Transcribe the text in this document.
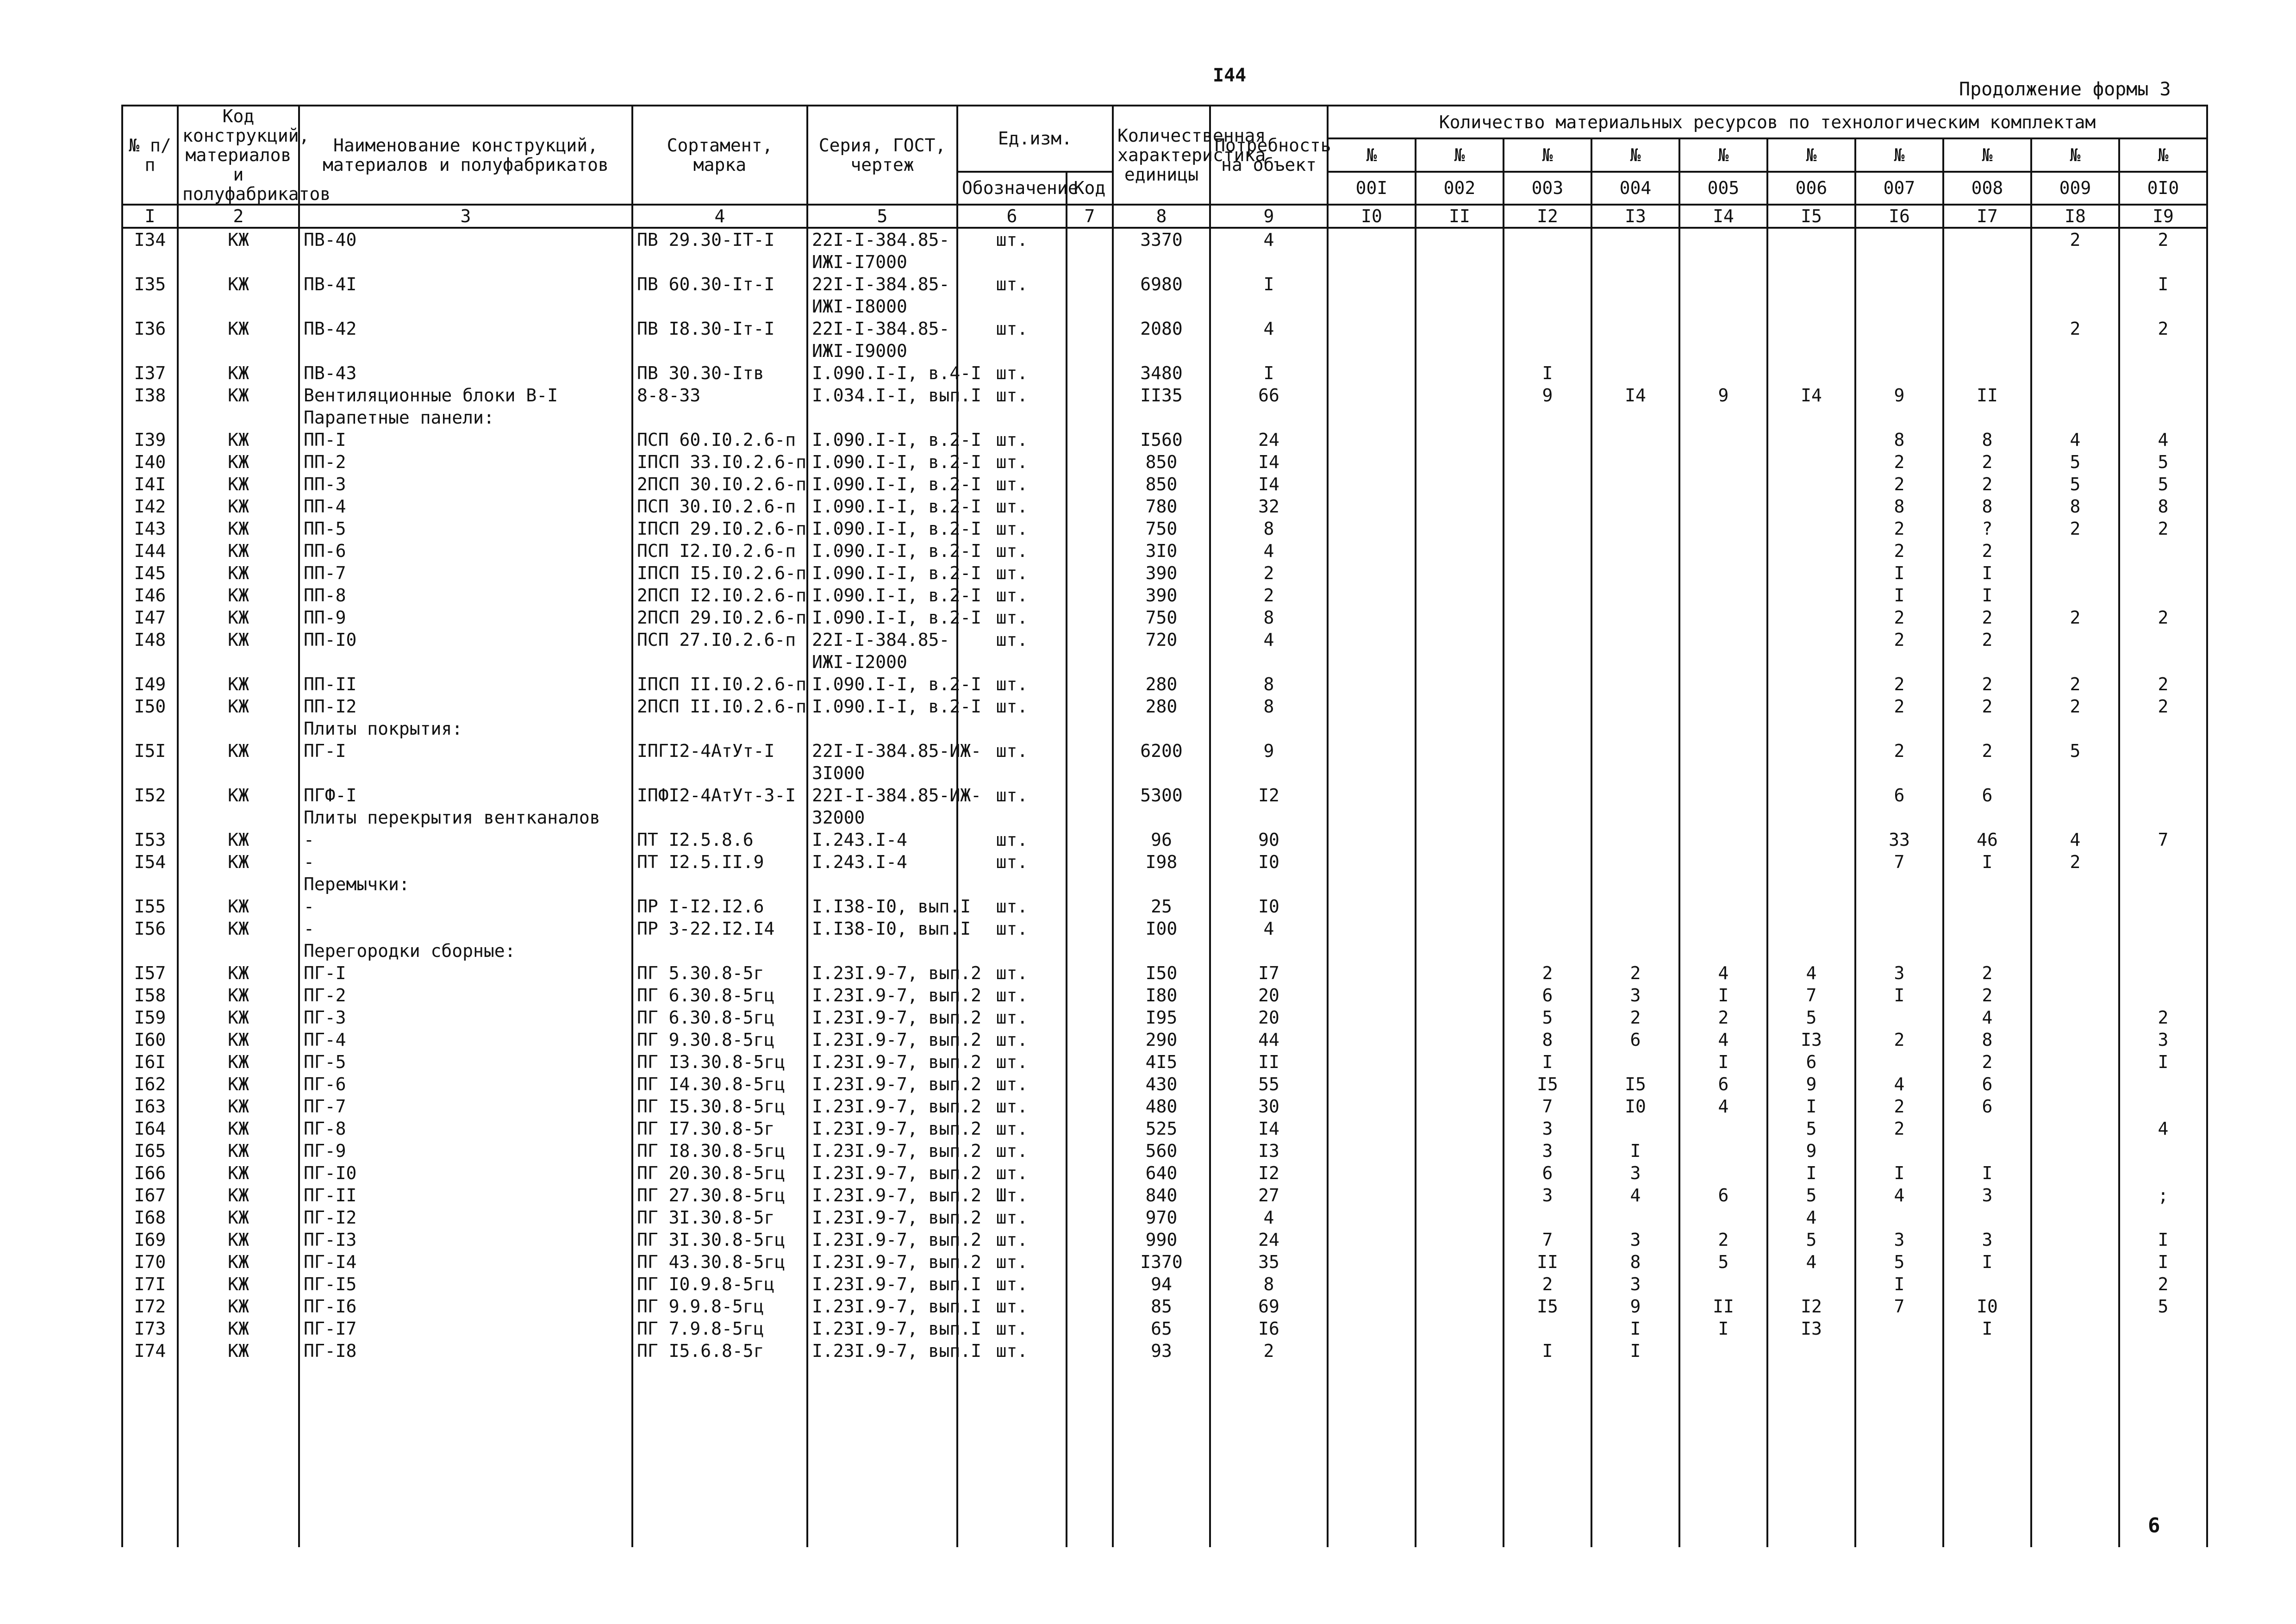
I44
Продолжение формы 3
6
№ п/п	Код конструкций, материалов и полуфабрикатов	Наименование конструкций, материалов и полуфабрикатов	Сортамент, марка	Серия, ГОСТ, чертеж	Ед.изм.		Количественная характеристика единицы	Потребность на объект	Количество материальных ресурсов по технологическим комплектам									
									№	№	№	№	№	№	№	№	№	№
					Обозначение	Код			00I	002	003	004	005	006	007	008	009	0I0
I	2	3	4	5	6	7	8	9	I0	II	I2	I3	I4	I5	I6	I7	I8	I9
I34	КЖ	ПВ-40	ПВ 29.30-IТ-I	22I-I-384.85-	шт.		3370	4									2	2
				ИЖI-I7000														
I35	КЖ	ПВ-4I	ПВ 60.30-Iт-I	22I-I-384.85-	шт.		6980	I										I
				ИЖI-I8000														
I36	КЖ	ПВ-42	ПВ I8.30-Iт-I	22I-I-384.85-	шт.		2080	4									2	2
				ИЖI-I9000														
I37	КЖ	ПВ-43	ПВ 30.30-Iтв	I.090.I-I, в.4-I	шт.		3480	I			I							
I38	КЖ	Вентиляционные блоки В-I	8-8-33	I.034.I-I, вып.I	шт.		II35	66			9	I4	9	I4	9	II		
		Парапетные панели:																
I39	КЖ	ПП-I	ПСП 60.I0.2.6-п	I.090.I-I, в.2-I	шт.		I560	24							8	8	4	4
I40	КЖ	ПП-2	IПСП 33.I0.2.6-п	I.090.I-I, в.2-I	шт.		850	I4							2	2	5	5
I4I	КЖ	ПП-3	2ПСП 30.I0.2.6-п	I.090.I-I, в.2-I	шт.		850	I4							2	2	5	5
I42	КЖ	ПП-4	ПСП 30.I0.2.6-п	I.090.I-I, в.2-I	шт.		780	32							8	8	8	8
I43	КЖ	ПП-5	IПСП 29.I0.2.6-п	I.090.I-I, в.2-I	шт.		750	8							2	?	2	2
I44	КЖ	ПП-6	ПСП I2.I0.2.6-п	I.090.I-I, в.2-I	шт.		3I0	4							2	2		
I45	КЖ	ПП-7	IПСП I5.I0.2.6-п	I.090.I-I, в.2-I	шт.		390	2							I	I		
I46	КЖ	ПП-8	2ПСП I2.I0.2.6-п	I.090.I-I, в.2-I	шт.		390	2							I	I		
I47	КЖ	ПП-9	2ПСП 29.I0.2.6-п	I.090.I-I, в.2-I	шт.		750	8							2	2	2	2
I48	КЖ	ПП-I0	ПСП 27.I0.2.6-п	22I-I-384.85-	шт.		720	4							2	2		
				ИЖI-I2000														
I49	КЖ	ПП-II	IПСП II.I0.2.6-п	I.090.I-I, в.2-I	шт.		280	8							2	2	2	2
I50	КЖ	ПП-I2	2ПСП II.I0.2.6-п	I.090.I-I, в.2-I	шт.		280	8							2	2	2	2
		Плиты покрытия:																
I5I	КЖ	ПГ-I	IПГI2-4АтУт-I	22I-I-384.85-ИЖ-	шт.		6200	9							2	2	5	
				3I000														
I52	КЖ	ПГФ-I	IПФI2-4АтУт-3-I	22I-I-384.85-ИЖ-	шт.		5300	I2							6	6		
		Плиты перекрытия вентканалов		32000														
I53	КЖ	-	ПТ I2.5.8.6	I.243.I-4	шт.		96	90							33	46	4	7
I54	КЖ	-	ПТ I2.5.II.9	I.243.I-4	шт.		I98	I0							7	I	2	
		Перемычки:																
I55	КЖ	-	ПР I-I2.I2.6	I.I38-I0, вып.I	шт.		25	I0										
I56	КЖ	-	ПР 3-22.I2.I4	I.I38-I0, вып.I	шт.		I00	4										
		Перегородки сборные:																
I57	КЖ	ПГ-I	ПГ 5.30.8-5г	I.23I.9-7, вып.2	шт.		I50	I7			2	2	4	4	3	2		
I58	КЖ	ПГ-2	ПГ 6.30.8-5гц	I.23I.9-7, вып.2	шт.		I80	20			6	3	I	7	I	2		
I59	КЖ	ПГ-3	ПГ 6.30.8-5гц	I.23I.9-7, вып.2	шт.		I95	20			5	2	2	5		4		2
I60	КЖ	ПГ-4	ПГ 9.30.8-5гц	I.23I.9-7, вып.2	шт.		290	44			8	6	4	I3	2	8		3
I6I	КЖ	ПГ-5	ПГ I3.30.8-5гц	I.23I.9-7, вып.2	шт.		4I5	II			I		I	6		2		I
I62	КЖ	ПГ-6	ПГ I4.30.8-5гц	I.23I.9-7, вып.2	шт.		430	55			I5	I5	6	9	4	6		
I63	КЖ	ПГ-7	ПГ I5.30.8-5гц	I.23I.9-7, вып.2	шт.		480	30			7	I0	4	I	2	6		
I64	КЖ	ПГ-8	ПГ I7.30.8-5г	I.23I.9-7, вып.2	шт.		525	I4			3			5	2			4
I65	КЖ	ПГ-9	ПГ I8.30.8-5гц	I.23I.9-7, вып.2	шт.		560	I3			3	I		9				
I66	КЖ	ПГ-I0	ПГ 20.30.8-5гц	I.23I.9-7, вып.2	шт.		640	I2			6	3		I	I	I		
I67	КЖ	ПГ-II	ПГ 27.30.8-5гц	I.23I.9-7, вып.2	Шт.		840	27			3	4	6	5	4	3		;
I68	КЖ	ПГ-I2	ПГ 3I.30.8-5г	I.23I.9-7, вып.2	шт.		970	4						4				
I69	КЖ	ПГ-I3	ПГ 3I.30.8-5гц	I.23I.9-7, вып.2	шт.		990	24			7	3	2	5	3	3		I
I70	КЖ	ПГ-I4	ПГ 43.30.8-5гц	I.23I.9-7, вып.2	шт.		I370	35			II	8	5	4	5	I		I
I7I	КЖ	ПГ-I5	ПГ I0.9.8-5гц	I.23I.9-7, вып.I	шт.		94	8			2	3			I			2
I72	КЖ	ПГ-I6	ПГ 9.9.8-5гц	I.23I.9-7, вып.I	шт.		85	69			I5	9	II	I2	7	I0		5
I73	КЖ	ПГ-I7	ПГ 7.9.8-5гц	I.23I.9-7, вып.I	шт.		65	I6				I	I	I3		I		
I74	КЖ	ПГ-I8	ПГ I5.6.8-5г	I.23I.9-7, вып.I	шт.		93	2			I	I						
